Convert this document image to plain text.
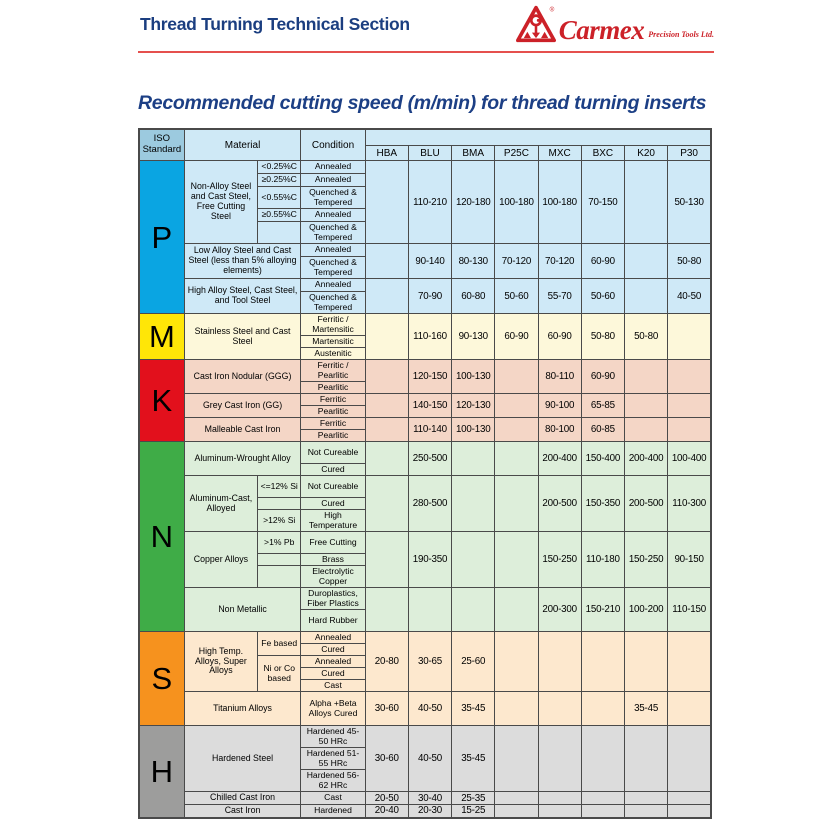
Thread Turning Technical Section
®
Carmex Precision Tools Ltd.
Recommended cutting speed (m/min) for thread turning inserts
ISO Standard	Material		Condition								
				HBA	BLU	BMA	P25C	MXC	BXC	K20	P30
P	Non-Alloy Steel and Cast Steel, Free Cutting Steel	<0.25%C	Annealed		110-210	120-180	100-180	100-180	70-150		50-130
		≥0.25%C	Annealed								
		<0.55%C	Quenched & Tempered								
		≥0.55%C	Annealed								
			Quenched & Tempered								
	Low Alloy Steel and Cast Steel (less than 5% alloying elements)		Annealed		90-140	80-130	70-120	70-120	60-90		50-80
			Quenched & Tempered								
	High Alloy Steel, Cast Steel, and Tool Steel		Annealed		70-90	60-80	50-60	55-70	50-60		40-50
			Quenched & Tempered								
M	Stainless Steel and Cast Steel		Ferritic / Martensitic		110-160	90-130	60-90	60-90	50-80	50-80	
			Martensitic								
			Austenitic								
K	Cast Iron Nodular (GGG)		Ferritic / Pearlitic		120-150	100-130		80-110	60-90		
			Pearlitic								
	Grey Cast Iron (GG)		Ferritic		140-150	120-130		90-100	65-85		
			Pearlitic								
	Malleable Cast Iron		Ferritic		110-140	100-130		80-100	60-85		
			Pearlitic								
N	Aluminum-Wrought Alloy		Not Cureable		250-500			200-400	150-400	200-400	100-400
			Cured								
	Aluminum-Cast, Alloyed	<=12% Si	Not Cureable		280-500			200-500	150-350	200-500	110-300
			Cured								
		>12% Si	High Temperature								
	Copper Alloys	>1% Pb	Free Cutting		190-350			150-250	110-180	150-250	90-150
			Brass								
			Electrolytic Copper								
	Non Metallic		Duroplastics, Fiber Plastics					200-300	150-210	100-200	110-150
			Hard Rubber								
S	High Temp. Alloys, Super Alloys	Fe based	Annealed	20-80	30-65	25-60					
			Cured								
		Ni or Co based	Annealed								
			Cured								
			Cast								
	Titanium Alloys		Alpha +Beta Alloys Cured	30-60	40-50	35-45				35-45	
H	Hardened Steel		Hardened 45-50 HRc	30-60	40-50	35-45					
			Hardened 51-55 HRc								
			Hardened 56-62 HRc								
	Chilled Cast Iron		Cast	20-50	30-40	25-35					
	Cast Iron		Hardened	20-40	20-30	15-25					
